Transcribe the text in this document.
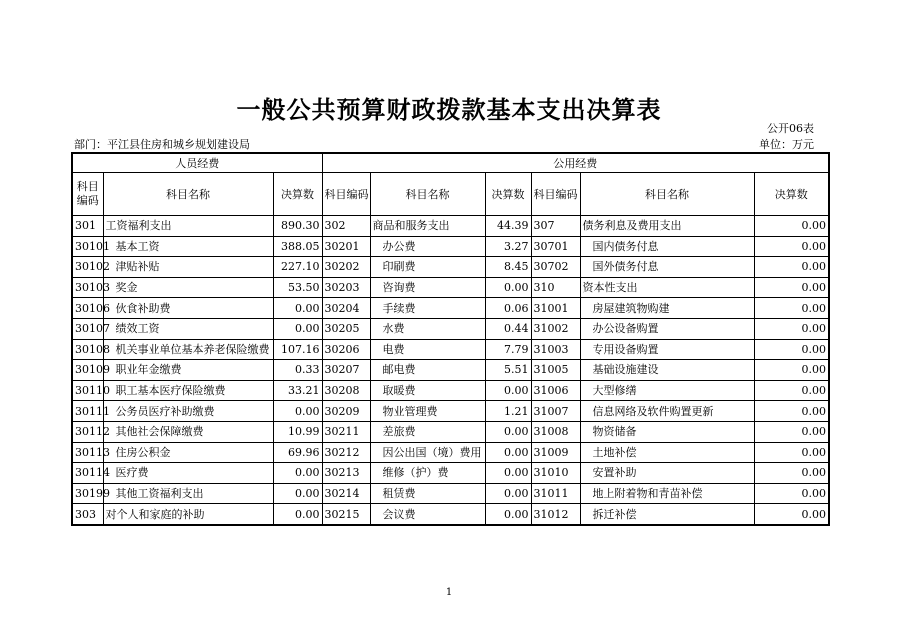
一般公共预算财政拨款基本支出决算表
公开06表
部门：平江县住房和城乡规划建设局	单位：万元
人员经费			公用经费					
科目编码	科目名称	决算数	科目编码	科目名称	决算数	科目编码	科目名称	决算数
301	工资福利支出	890.30	302	商品和服务支出	44.39	307	债务利息及费用支出	0.00
30101	基本工资	388.05	30201	办公费	3.27	30701	国内债务付息	0.00
30102	津贴补贴	227.10	30202	印刷费	8.45	30702	国外债务付息	0.00
30103	奖金	53.50	30203	咨询费	0.00	310	资本性支出	0.00
30106	伙食补助费	0.00	30204	手续费	0.06	31001	房屋建筑物购建	0.00
30107	绩效工资	0.00	30205	水费	0.44	31002	办公设备购置	0.00
30108	机关事业单位基本养老保险缴费	107.16	30206	电费	7.79	31003	专用设备购置	0.00
30109	职业年金缴费	0.33	30207	邮电费	5.51	31005	基础设施建设	0.00
30110	职工基本医疗保险缴费	33.21	30208	取暖费	0.00	31006	大型修缮	0.00
30111	公务员医疗补助缴费	0.00	30209	物业管理费	1.21	31007	信息网络及软件购置更新	0.00
30112	其他社会保障缴费	10.99	30211	差旅费	0.00	31008	物资储备	0.00
30113	住房公积金	69.96	30212	因公出国（境）费用	0.00	31009	土地补偿	0.00
30114	医疗费	0.00	30213	维修（护）费	0.00	31010	安置补助	0.00
30199	其他工资福利支出	0.00	30214	租赁费	0.00	31011	地上附着物和青苗补偿	0.00
303	对个人和家庭的补助	0.00	30215	会议费	0.00	31012	拆迁补偿	0.00
1
